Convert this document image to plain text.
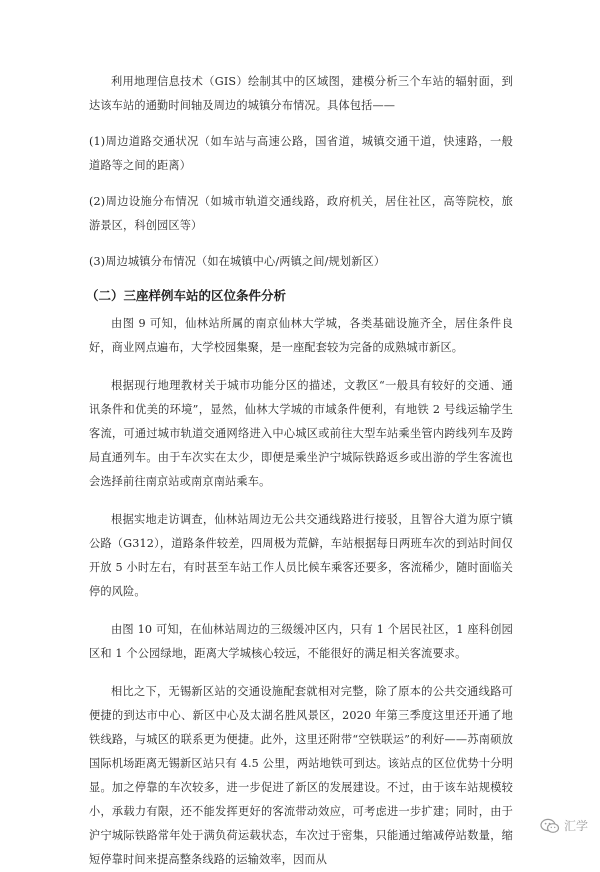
利用地理信息技术（GIS）绘制其中的区域图，建模分析三个车站的辐射面，到达该车站的通勤时间轴及周边的城镇分布情况。具体包括——

(1)周边道路交通状况（如车站与高速公路，国省道，城镇交通干道，快速路，一般道路等之间的距离）

(2)周边设施分布情况（如城市轨道交通线路，政府机关，居住社区，高等院校，旅游景区，科创园区等）

(3)周边城镇分布情况（如在城镇中心/两镇之间/规划新区）

（二）三座样例车站的区位条件分析

由图 9 可知，仙林站所属的南京仙林大学城，各类基础设施齐全，居住条件良好，商业网点遍布，大学校园集聚，是一座配套较为完备的成熟城市新区。

根据现行地理教材关于城市功能分区的描述，文教区“一般具有较好的交通、通讯条件和优美的环境”，显然，仙林大学城的市域条件便利，有地铁 2 号线运输学生客流，可通过城市轨道交通网络进入中心城区或前往大型车站乘坐管内跨线列车及跨局直通列车。由于车次实在太少，即便是乘坐沪宁城际铁路返乡或出游的学生客流也会选择前往南京站或南京南站乘车。

根据实地走访调查，仙林站周边无公共交通线路进行接驳，且智谷大道为原宁镇公路（G312），道路条件较差，四周极为荒僻，车站根据每日两班车次的到站时间仅开放 5 小时左右，有时甚至车站工作人员比候车乘客还要多，客流稀少，随时面临关停的风险。

由图 10 可知，在仙林站周边的三级缓冲区内，只有 1 个居民社区，1 座科创园区和 1 个公园绿地，距离大学城核心较远，不能很好的满足相关客流要求。

相比之下，无锡新区站的交通设施配套就相对完整，除了原本的公共交通线路可便捷的到达市中心、新区中心及太湖名胜风景区，2020 年第三季度这里还开通了地铁线路，与城区的联系更为便捷。此外，这里还附带“空铁联运”的利好——苏南硕放国际机场距离无锡新区站只有 4.5 公里，两站地铁可到达。该站点的区位优势十分明显。加之停靠的车次较多，进一步促进了新区的发展建设。不过，由于该车站规模较小，承载力有限，还不能发挥更好的客流带动效应，可考虑进一步扩建；同时，由于沪宁城际铁路常年处于满负荷运载状态，车次过于密集，只能通过缩减停站数量，缩短停靠时间来提高整条线路的运输效率，因而从

汇学
